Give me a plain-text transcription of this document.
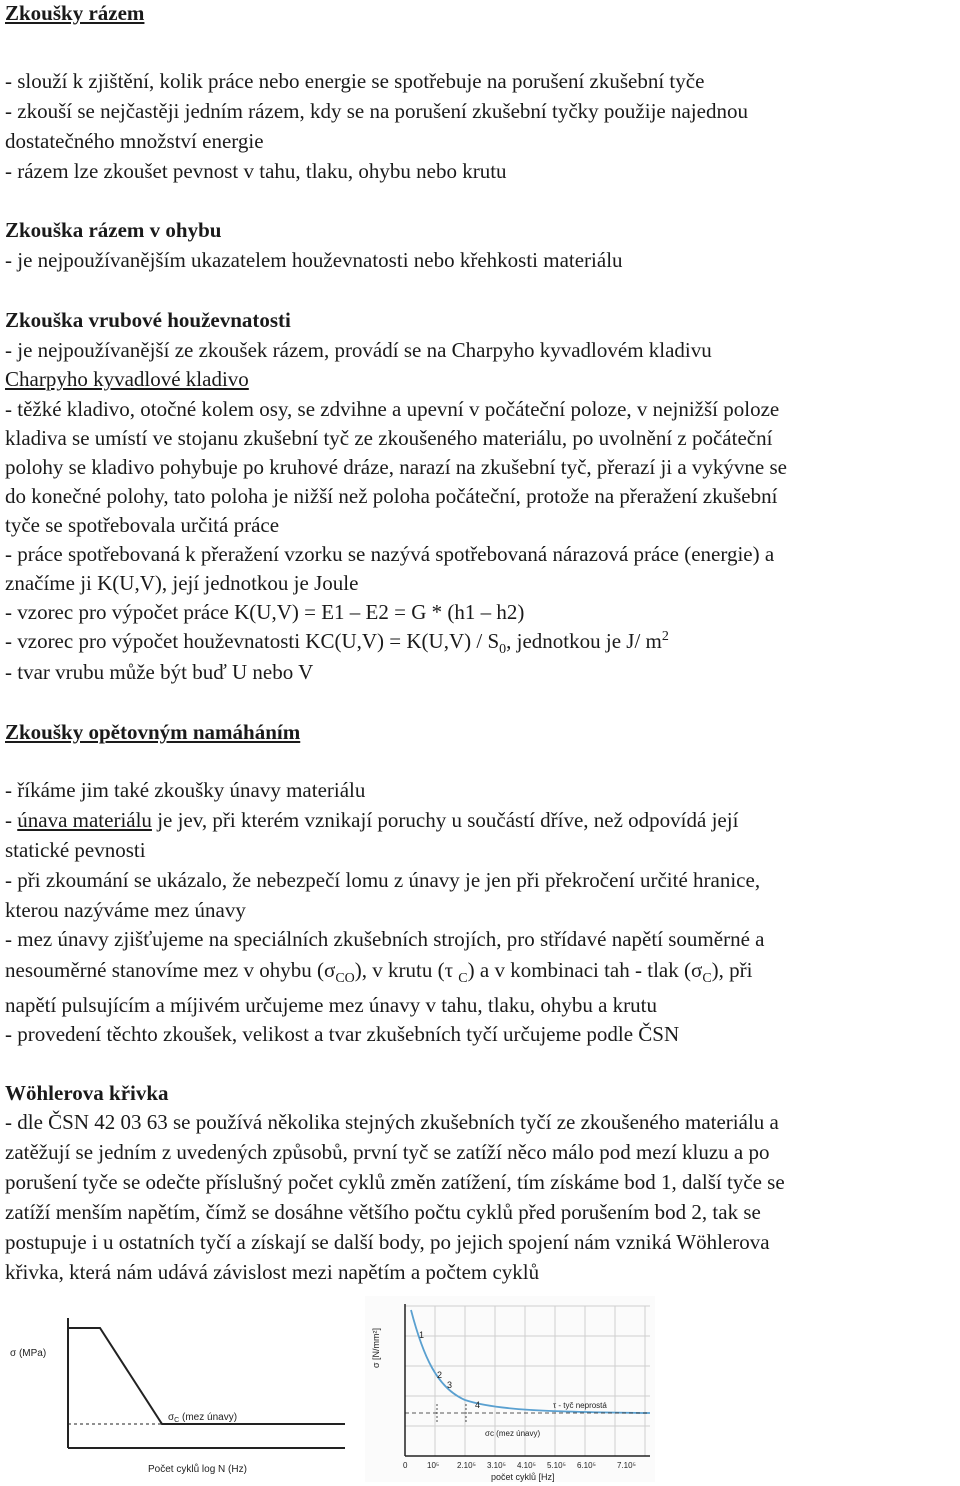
Zkoušky rázem
- slouží k zjištění, kolik práce nebo energie se spotřebuje na porušení zkušební tyče
- zkouší se nejčastěji jedním rázem, kdy se na porušení zkušební tyčky použije najednou
dostatečného množství energie
- rázem lze zkoušet pevnost v tahu, tlaku, ohybu nebo krutu
Zkouška rázem v ohybu
- je nejpoužívanějším ukazatelem houževnatosti nebo křehkosti materiálu
Zkouška vrubové houževnatosti
- je nejpoužívanější ze zkoušek rázem, provádí se na Charpyho kyvadlovém kladivu
Charpyho kyvadlové kladivo
- těžké kladivo, otočné kolem osy, se zdvihne a upevní v počáteční poloze, v nejnižší poloze
kladiva se umístí ve stojanu zkušební tyč ze zkoušeného materiálu, po uvolnění z počáteční
polohy se kladivo pohybuje po kruhové dráze, narazí na zkušební tyč, přerazí ji a vykývne se
do konečné polohy, tato poloha je nižší než poloha počáteční, protože na přeražení zkušební
tyče se spotřebovala určitá práce
- práce spotřebovaná k přeražení vzorku se nazývá spotřebovaná nárazová práce (energie) a
značíme ji K(U,V), její jednotkou je Joule
- vzorec pro výpočet práce K(U,V) = E1 – E2 = G * (h1 – h2)
- vzorec pro výpočet houževnatosti $KC(U,V) = K(U,V) / S_0$, jednotkou je J/ $m^2$
- tvar vrubu může být buď U nebo V
Zkoušky opětovným namáháním
- říkáme jim také zkoušky únavy materiálu
- únava materiálu je jev, při kterém vznikají poruchy u součástí dříve, než odpovídá její
statické pevnosti
- při zkoumání se ukázalo, že nebezpečí lomu z únavy je jen při překročení určité hranice,
kterou nazýváme mez únavy
- mez únavy zjišťujeme na speciálních zkušebních strojích, pro střídavé napětí souměrné a
nesouměrné stanovíme mez v ohybu $(\sigma_{CO})$, v krutu (τ $_C$) a v kombinaci tah - tlak $(\sigma_C)$, při
napětí pulsujícím a míjivém určujeme mez únavy v tahu, tlaku, ohybu a krutu
- provedení těchto zkoušek, velikost a tvar zkušebních tyčí určujeme podle ČSN
Wöhlerova křivka
- dle ČSN 42 03 63 se používá několika stejných zkušebních tyčí ze zkoušeného materiálu a
zatěžují se jedním z uvedených způsobů, první tyč se zatíží něco málo pod mezí kluzu a po
porušení tyče se odečte příslušný počet cyklů změn zatížení, tím získáme bod 1, další tyče se
zatíží menším napětím, čímž se dosáhne většího počtu cyklů před porušením bod 2, tak se
postupuje i u ostatních tyčí a získají se další body, po jejich spojení nám vzniká Wöhlerova
křivka, která nám udává závislost mezi napětím a počtem cyklů
σ (MPa)
$\sigma_C$ (mez únavy)
Počet cyklů log N (Hz)
σ [N/mm²]	1
2
3
4	τ - tyč neprostá
σc (mez únavy)
0 10⁵ 2.10⁵ 3.10⁵ 4.10⁵ 5.10⁵ 6.10⁵	7.10⁵
počet cyklů [Hz]
